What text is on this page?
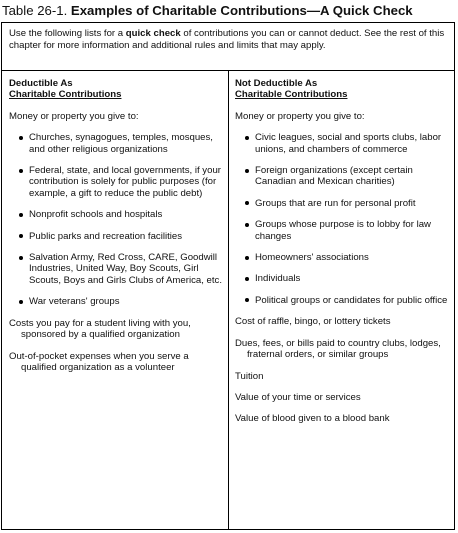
Table 26-1. Examples of Charitable Contributions—A Quick Check
Use the following lists for a quick check of contributions you can or cannot deduct. See the rest of this chapter for more information and additional rules and limits that may apply.
Deductible As
Charitable Contributions
Money or property you give to:
Churches, synagogues, temples, mosques, and other religious organizations
Federal, state, and local governments, if your contribution is solely for public purposes (for example, a gift to reduce the public debt)
Nonprofit schools and hospitals
Public parks and recreation facilities
Salvation Army, Red Cross, CARE, Goodwill Industries, United Way, Boy Scouts, Girl Scouts, Boys and Girls Clubs of America, etc.
War veterans' groups
Costs you pay for a student living with you, sponsored by a qualified organization
Out-of-pocket expenses when you serve a qualified organization as a volunteer
Not Deductible As
Charitable Contributions
Money or property you give to:
Civic leagues, social and sports clubs, labor unions, and chambers of commerce
Foreign organizations (except certain Canadian and Mexican charities)
Groups that are run for personal profit
Groups whose purpose is to lobby for law changes
Homeowners' associations
Individuals
Political groups or candidates for public office
Cost of raffle, bingo, or lottery tickets
Dues, fees, or bills paid to country clubs, lodges, fraternal orders, or similar groups
Tuition
Value of your time or services
Value of blood given to a blood bank
